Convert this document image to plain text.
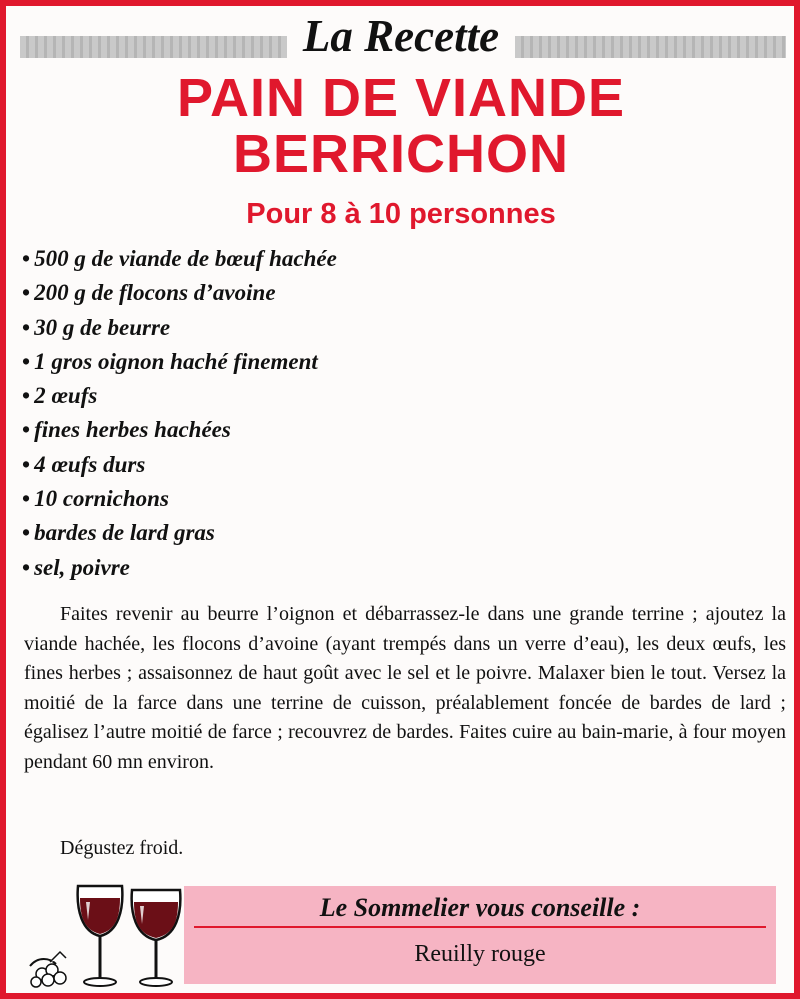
La Recette
PAIN DE VIANDE
BERRICHON
Pour 8 à 10 personnes
• 500 g de viande de bœuf hachée
• 200 g de flocons d’avoine
• 30 g de beurre
• 1 gros oignon haché finement
• 2 œufs
• fines herbes hachées
• 4 œufs durs
• 10 cornichons
• bardes de lard gras
• sel, poivre

Faites revenir au beurre l’oignon et débarrassez-le dans une grande terrine ; ajoutez la viande hachée, les flocons d’avoine (ayant trempés dans un verre d’eau), les deux œufs, les fines herbes ; assaisonnez de haut goût avec le sel et le poivre. Malaxer bien le tout. Versez la moitié de la farce dans une terrine de cuisson, préalablement foncée de bardes de lard ; égalisez l’autre moitié de farce ; recouvrez de bardes. Faites cuire au bain-marie, à four moyen pendant 60 mn environ.

Dégustez froid.

Le Sommelier vous conseille :
Reuilly rouge
